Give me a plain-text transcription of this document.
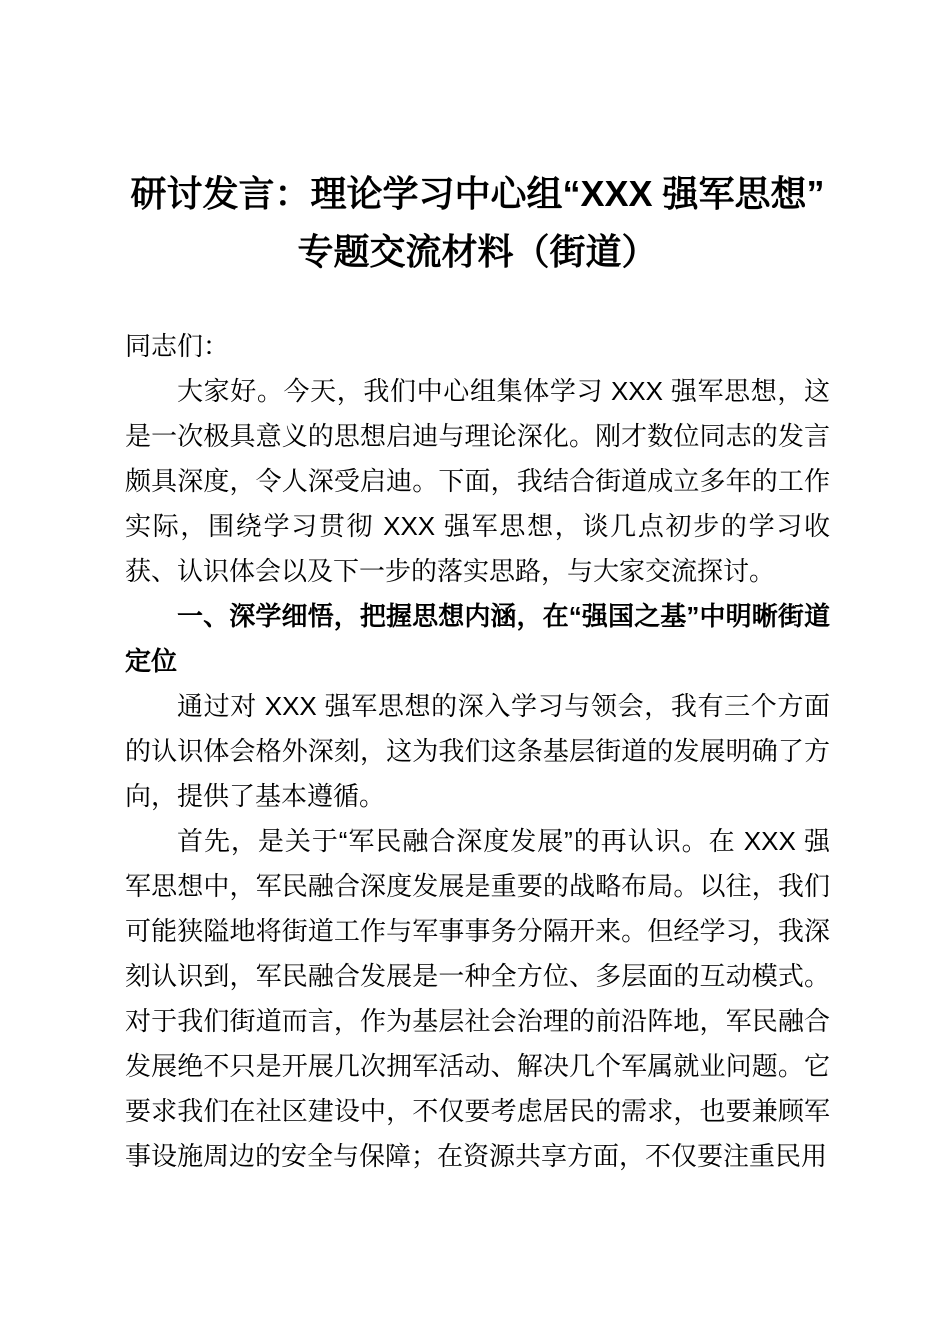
研讨发言：理论学习中心组“XXX 强军思想”专题交流材料（街道）

同志们：

大家好。今天，我们中心组集体学习 XXX 强军思想，这是一次极具意义的思想启迪与理论深化。刚才数位同志的发言颇具深度，令人深受启迪。下面，我结合街道成立多年的工作实际，围绕学习贯彻 XXX 强军思想，谈几点初步的学习收获、认识体会以及下一步的落实思路，与大家交流探讨。

一、深学细悟，把握思想内涵，在“强国之基”中明晰街道定位

通过对 XXX 强军思想的深入学习与领会，我有三个方面的认识体会格外深刻，这为我们这条基层街道的发展明确了方向，提供了基本遵循。

首先，是关于“军民融合深度发展”的再认识。在 XXX 强军思想中，军民融合深度发展是重要的战略布局。以往，我们可能狭隘地将街道工作与军事事务分隔开来。但经学习，我深刻认识到，军民融合发展是一种全方位、多层面的互动模式。对于我们街道而言，作为基层社会治理的前沿阵地，军民融合发展绝不只是开展几次拥军活动、解决几个军属就业问题。它要求我们在社区建设中，不仅要考虑居民的需求，也要兼顾军事设施周边的安全与保障；在资源共享方面，不仅要注重民用
